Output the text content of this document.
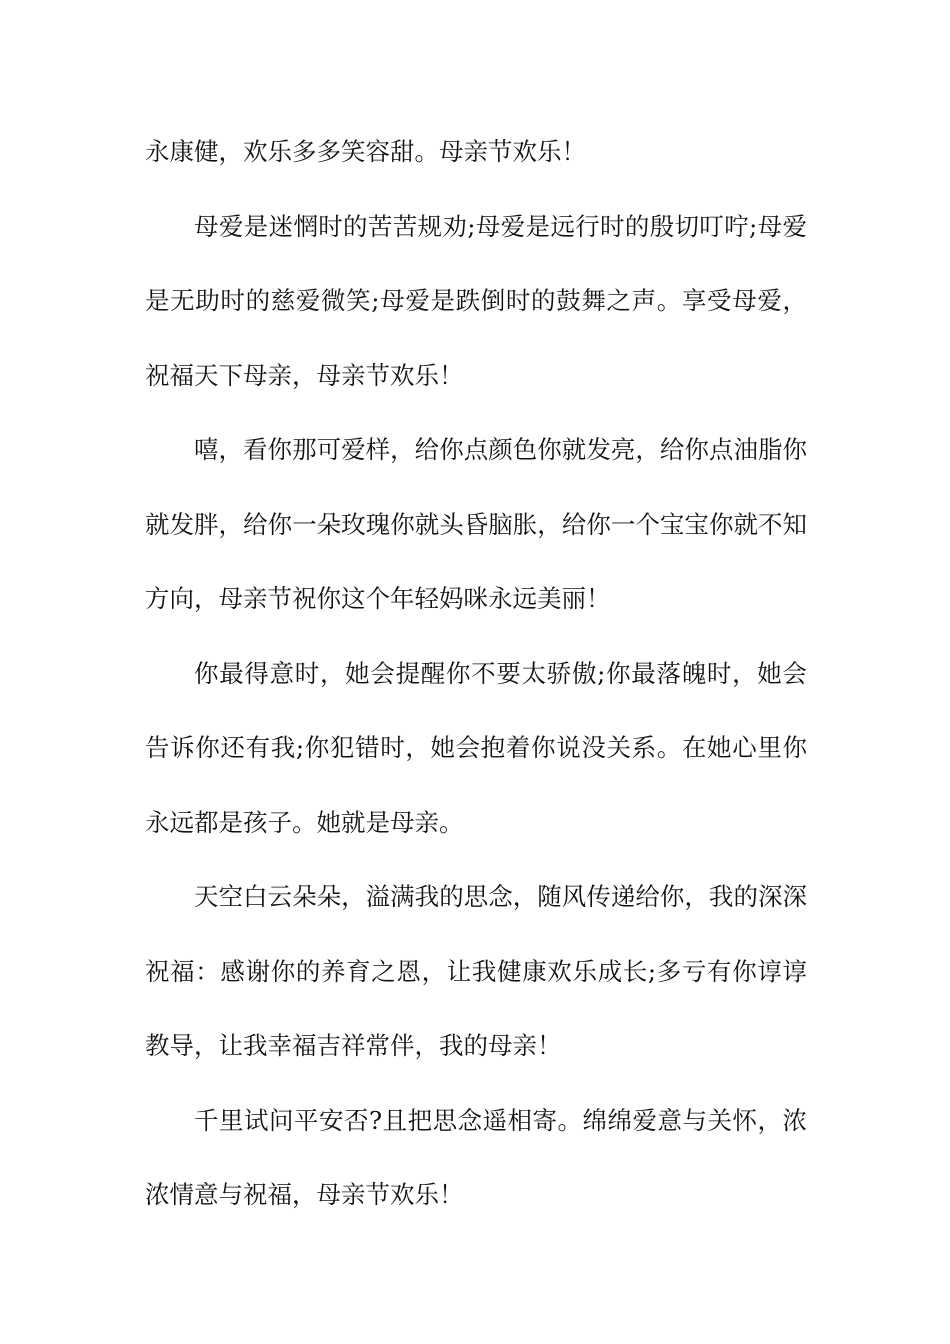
永康健，欢乐多多笑容甜。母亲节欢乐！

母爱是迷惘时的苦苦规劝;母爱是远行时的殷切叮咛;母爱是无助时的慈爱微笑;母爱是跌倒时的鼓舞之声。享受母爱，祝福天下母亲，母亲节欢乐！

嘻，看你那可爱样，给你点颜色你就发亮，给你点油脂你就发胖，给你一朵玫瑰你就头昏脑胀，给你一个宝宝你就不知方向，母亲节祝你这个年轻妈咪永远美丽！

你最得意时，她会提醒你不要太骄傲;你最落魄时，她会告诉你还有我;你犯错时，她会抱着你说没关系。在她心里你永远都是孩子。她就是母亲。

天空白云朵朵，溢满我的思念，随风传递给你，我的深深祝福：感谢你的养育之恩，让我健康欢乐成长;多亏有你谆谆教导，让我幸福吉祥常伴，我的母亲！

千里试问平安否?且把思念遥相寄。绵绵爱意与关怀，浓浓情意与祝福，母亲节欢乐！
